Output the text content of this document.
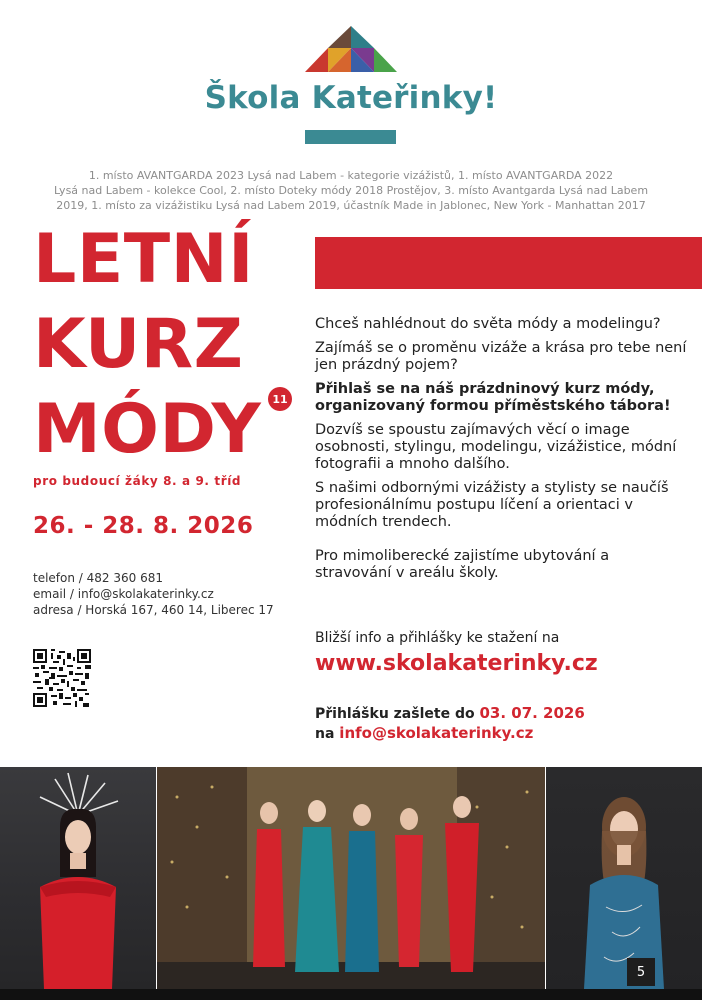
Škola Kateřinky!
1. místo AVANTGARDA 2023 Lysá nad Labem - kategorie vizážistů, 1. místo AVANTGARDA 2022
Lysá nad Labem - kolekce Cool, 2. místo Doteky módy 2018 Prostějov, 3. místo Avantgarda Lysá nad Labem
2019, 1. místo za vizážistiku Lysá nad Labem 2019, účastník Made in Jablonec, New York - Manhattan 2017
LETNÍ
KURZ
MÓDY	11
pro budoucí žáky 8. a 9. tříd
26. - 28. 8. 2026
telefon / 482 360 681
email / info@skolakaterinky.cz
adresa / Horská 167, 460 14, Liberec 17

Chceš nahlédnout do světa módy a modelingu?

Zajímáš se o proměnu vizáže a krása pro tebe není jen prázdný pojem?

Přihlaš se na náš prázdninový kurz módy, organizovaný formou příměstského tábora!

Dozvíš se spoustu zajímavých věcí o image osobnosti, stylingu, modelingu, vizážistice, módní fotografii a mnoho dalšího.

S našimi odbornými vizážisty a stylisty se naučíš profesionálnímu postupu líčení a orientaci v módních trendech.

Pro mimoliberecké zajistíme ubytování a stravování v areálu školy.

Bližší info a přihlášky ke stažení na
www.skolakaterinky.cz
Přihlášku zašlete do 03. 07. 2026
na info@skolakaterinky.cz
5
